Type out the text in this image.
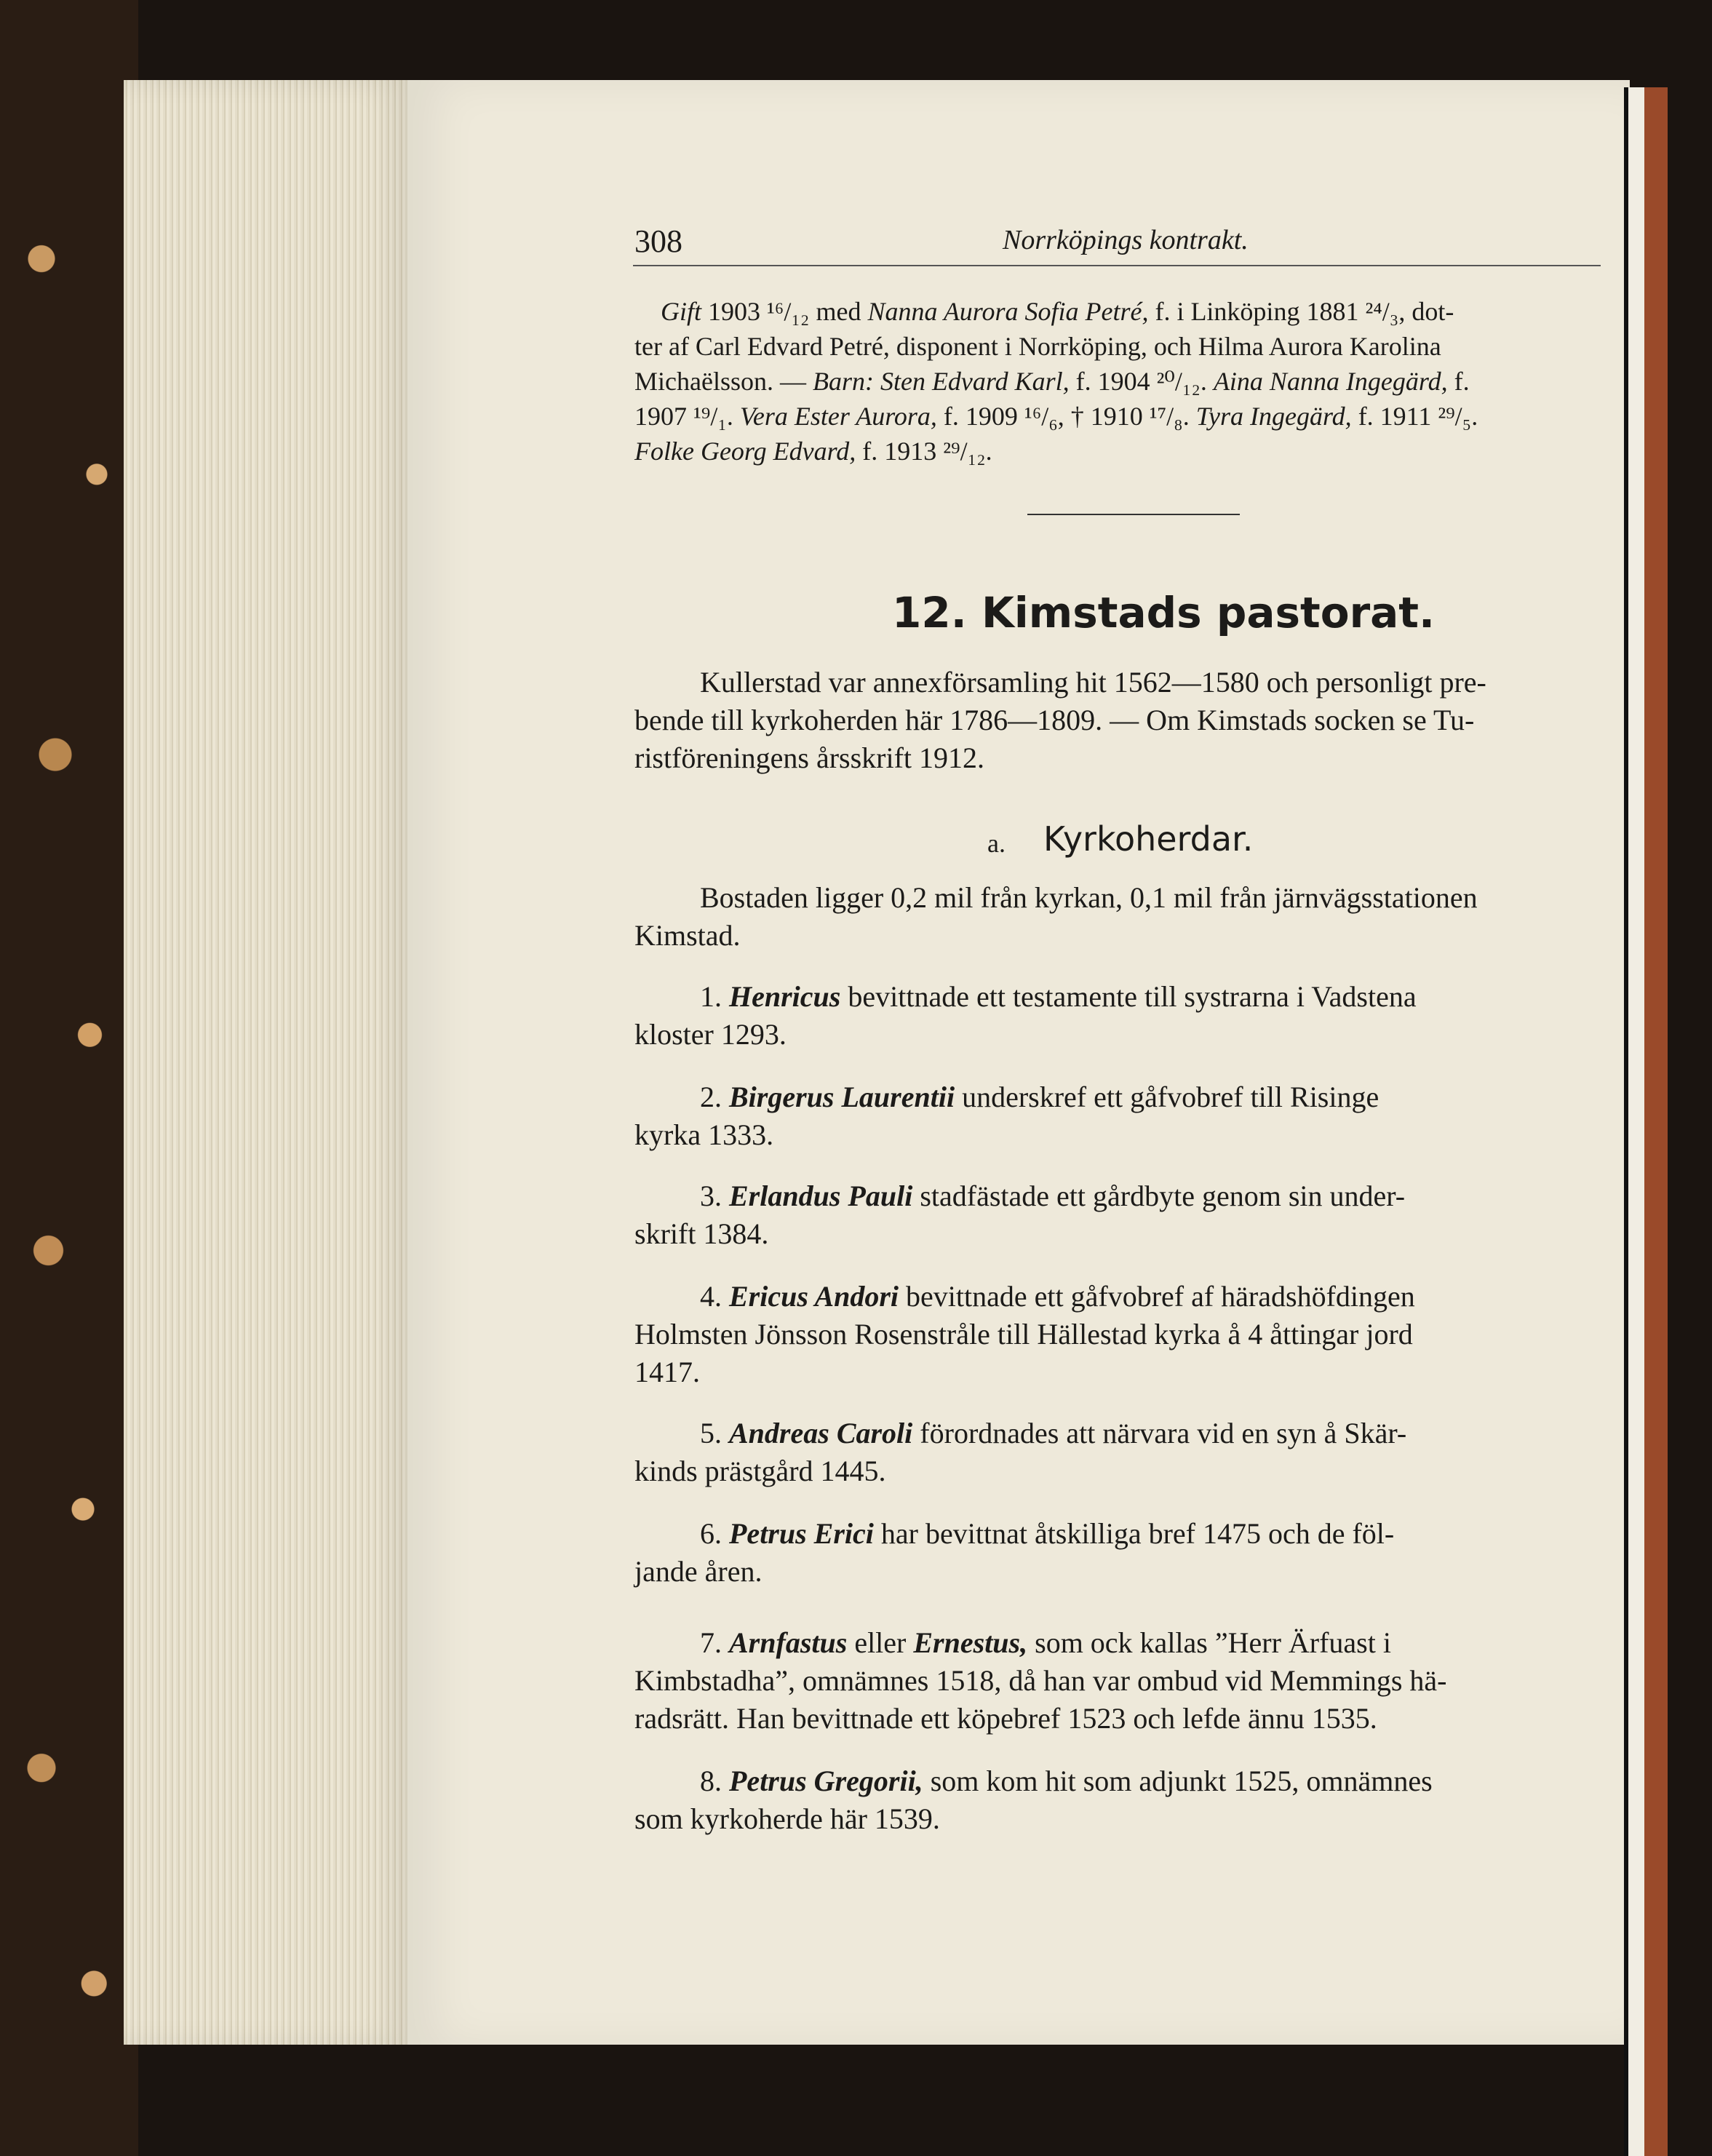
308	Norrköpings kontrakt.
Gift 1903 ¹⁶/₁₂ med Nanna Aurora Sofia Petré, f. i Linköping 1881 ²⁴/₃, dot-
ter af Carl Edvard Petré, disponent i Norrköping, och Hilma Aurora Karolina
Michaëlsson. — Barn: Sten Edvard Karl, f. 1904 ²⁰/₁₂. Aina Nanna Ingegärd, f.
1907 ¹⁹/₁. Vera Ester Aurora, f. 1909 ¹⁶/₆, † 1910 ¹⁷/₈. Tyra Ingegärd, f. 1911 ²⁹/₅.
Folke Georg Edvard, f. 1913 ²⁹/₁₂.
12. Kimstads pastorat.
Kullerstad var annexförsamling hit 1562—1580 och personligt pre-
bende till kyrkoherden här 1786—1809. — Om Kimstads socken se Tu-
ristföreningens årsskrift 1912.
a. Kyrkoherdar.
Bostaden ligger 0,2 mil från kyrkan, 0,1 mil från järnvägsstationen
Kimstad.
1. Henricus bevittnade ett testamente till systrarna i Vadstena
kloster 1293.
2. Birgerus Laurentii underskref ett gåfvobref till Risinge
kyrka 1333.
3. Erlandus Pauli stadfästade ett gårdbyte genom sin under-
skrift 1384.
4. Ericus Andori bevittnade ett gåfvobref af häradshöfdingen
Holmsten Jönsson Rosenstråle till Hällestad kyrka å 4 åttingar jord
1417.
5. Andreas Caroli förordnades att närvara vid en syn å Skär-
kinds prästgård 1445.
6. Petrus Erici har bevittnat åtskilliga bref 1475 och de föl-
jande åren.
7. Arnfastus eller Ernestus, som ock kallas ”Herr Ärfuast i
Kimbstadha”, omnämnes 1518, då han var ombud vid Memmings hä-
radsrätt. Han bevittnade ett köpebref 1523 och lefde ännu 1535.
8. Petrus Gregorii, som kom hit som adjunkt 1525, omnämnes
som kyrkoherde här 1539.
